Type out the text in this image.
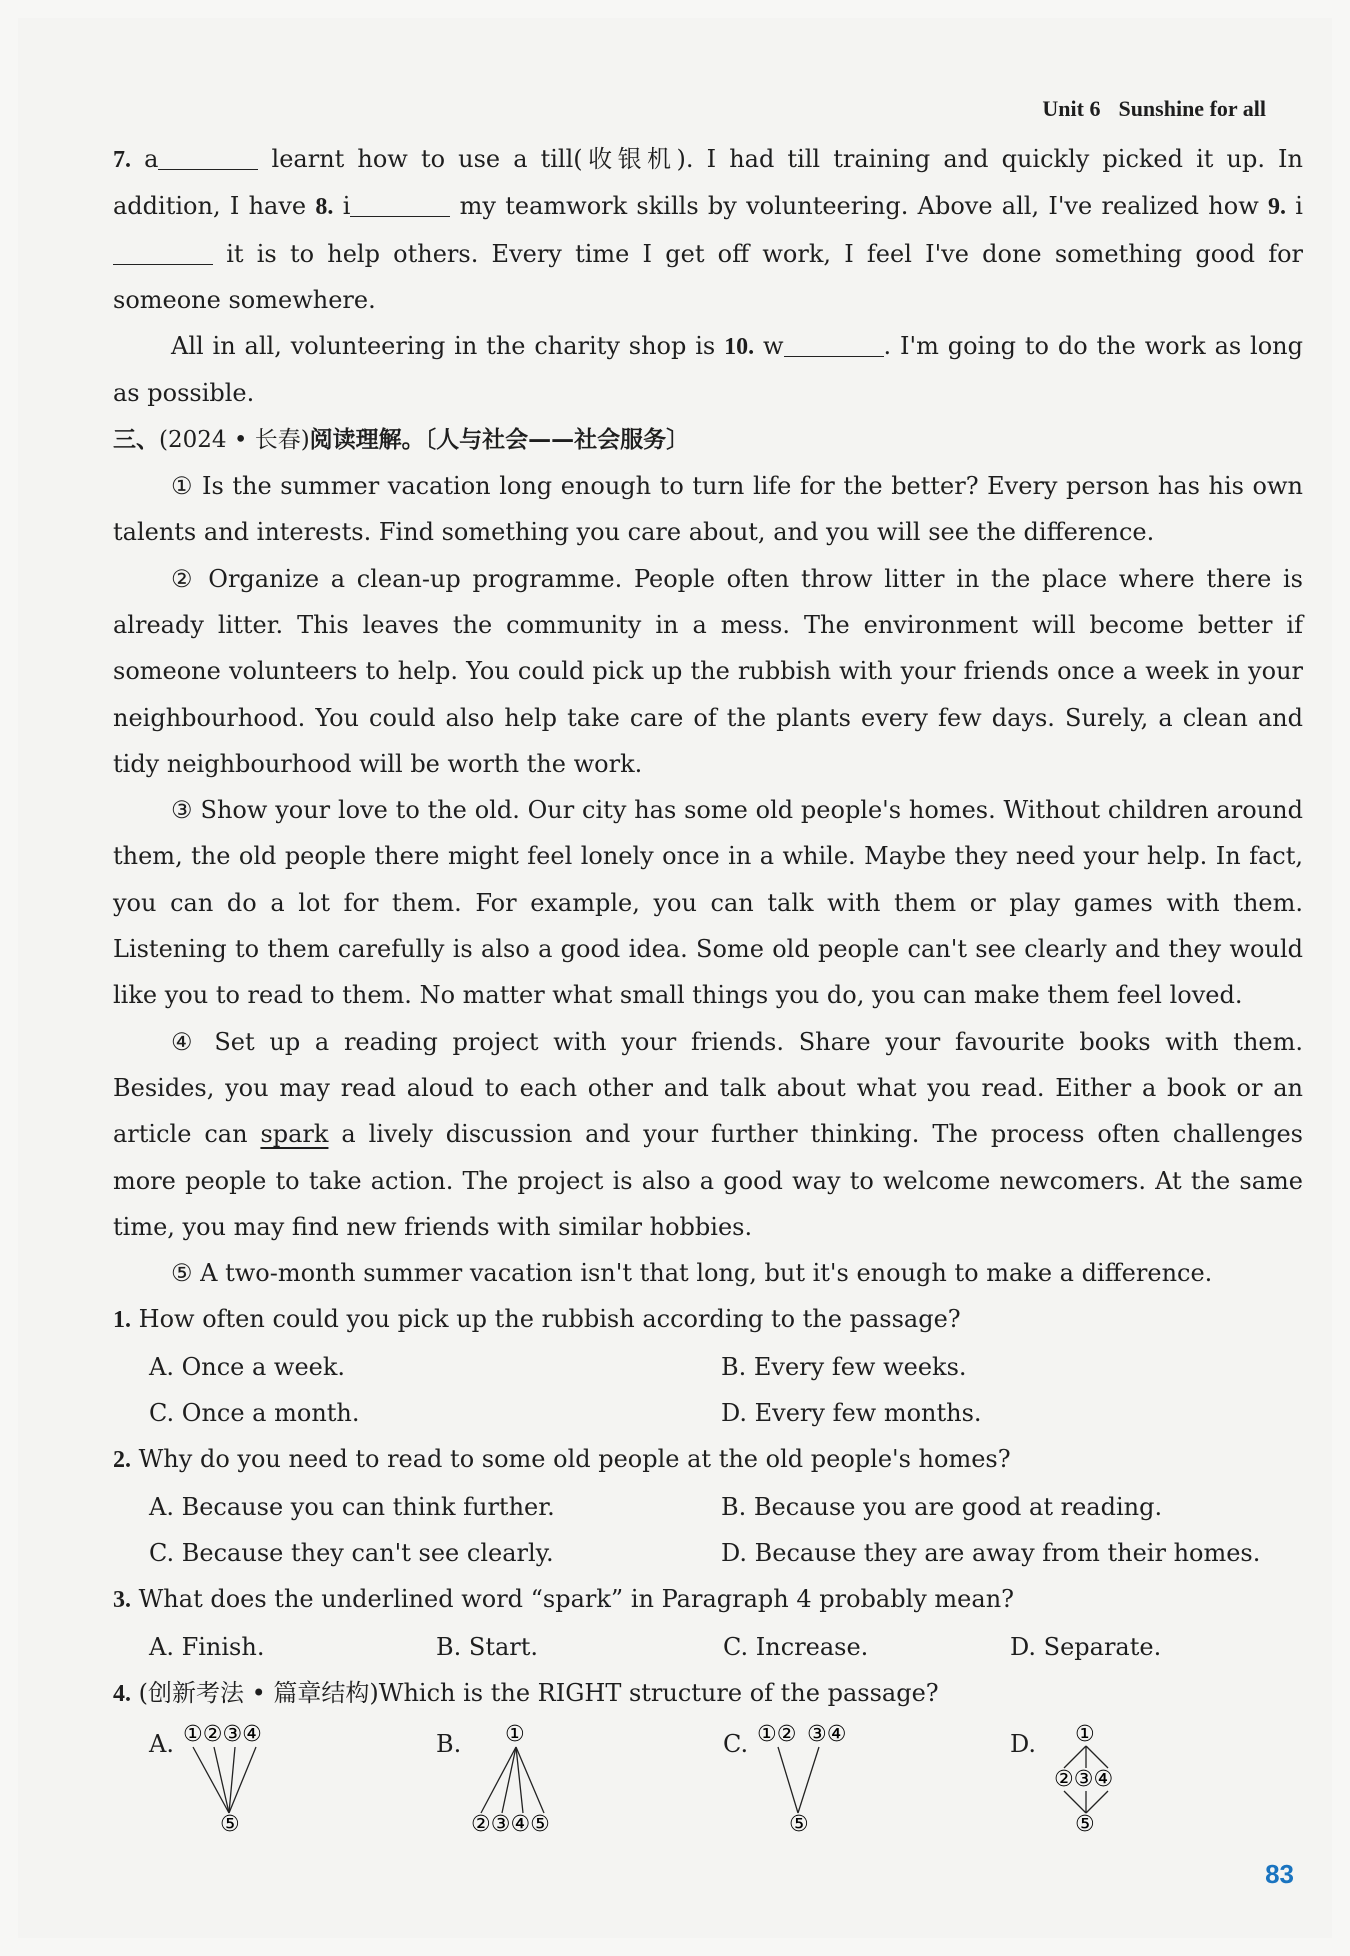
Unit 6 Sunshine for all

7. a	learnt how to use a till(收银机). I had till training and quickly picked it up. In addition, I have 8. i	my teamwork skills by volunteering. Above all, I've realized how 9. i it is to help others. Every time I get off work, I feel I've done something good for someone somewhere.

All in all, volunteering in the charity shop is 10. w	. I'm going to do the work as long as possible.

三、(2024 • 长春)阅读理解。〔人与社会——社会服务〕

① Is the summer vacation long enough to turn life for the better? Every person has his own talents and interests. Find something you care about, and you will see the difference.

② Organize a clean-up programme. People often throw litter in the place where there is already litter. This leaves the community in a mess. The environment will become better if someone volunteers to help. You could pick up the rubbish with your friends once a week in your neighbourhood. You could also help take care of the plants every few days. Surely, a clean and tidy neighbourhood will be worth the work.

③ Show your love to the old. Our city has some old people's homes. Without children around them, the old people there might feel lonely once in a while. Maybe they need your help. In fact, you can do a lot for them. For example, you can talk with them or play games with them. Listening to them carefully is also a good idea. Some old people can't see clearly and they would like you to read to them. No matter what small things you do, you can make them feel loved.

④ Set up a reading project with your friends. Share your favourite books with them. Besides, you may read aloud to each other and talk about what you read. Either a book or an article can spark a lively discussion and your further thinking. The process often challenges more people to take action. The project is also a good way to welcome newcomers. At the same time, you may find new friends with similar hobbies.

⑤ A two-month summer vacation isn't that long, but it's enough to make a difference.

1. How often could you pick up the rubbish according to the passage?

A. Once a week.	B. Every few weeks.
C. Once a month.	D. Every few months.

2. Why do you need to read to some old people at the old people's homes?

A. Because you can think further.	B. Because you are good at reading.
C. Because they can't see clearly.	D. Because they are away from their homes.

3. What does the underlined word “spark” in Paragraph 4 probably mean?

A. Finish.	B. Start.	C. Increase.	D. Separate.

4. (创新考法 • 篇章结构)Which is the RIGHT structure of the passage?

A. ①②③④
⑤
B. ①
②③④⑤
C. ①② ③④
⑤
D. ①
②③④
⑤
83
